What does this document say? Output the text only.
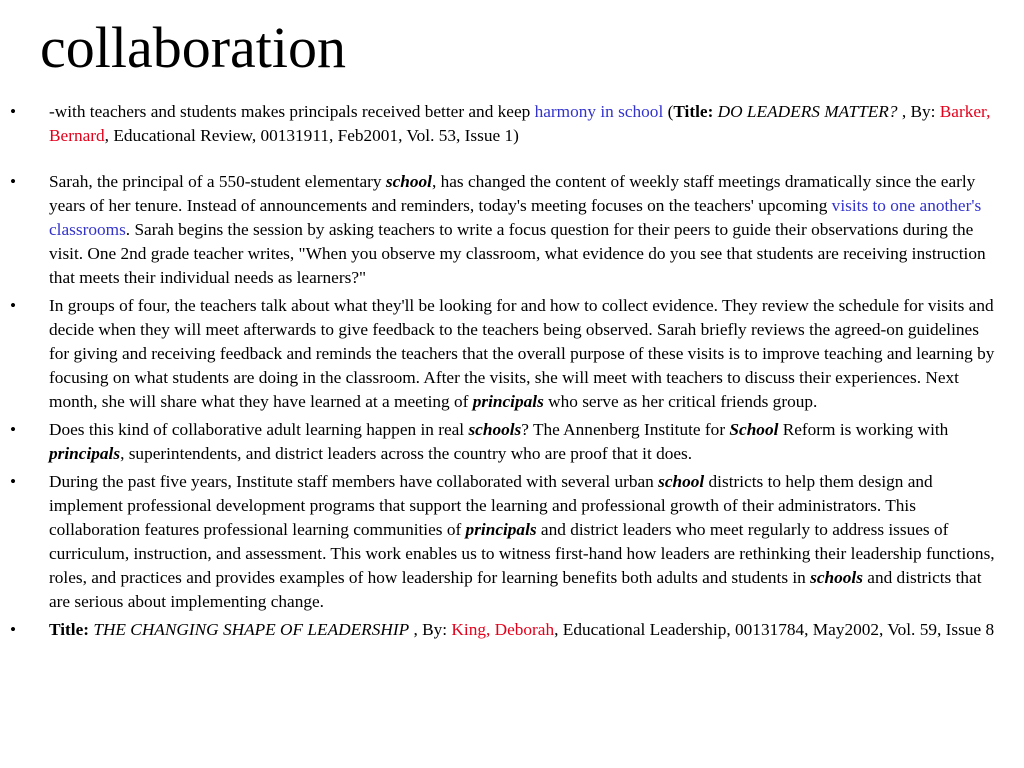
collaboration
• -with teachers and students makes principals received better and keep harmony in school (Title: DO LEADERS MATTER? , By: Barker, Bernard, Educational Review, 00131911, Feb2001, Vol. 53, Issue 1)
• Sarah, the principal of a 550-student elementary school, has changed the content of weekly staff meetings dramatically since the early years of her tenure. Instead of announcements and reminders, today's meeting focuses on the teachers' upcoming visits to one another's classrooms. Sarah begins the session by asking teachers to write a focus question for their peers to guide their observations during the visit. One 2nd grade teacher writes, "When you observe my classroom, what evidence do you see that students are receiving instruction that meets their individual needs as learners?"
• In groups of four, the teachers talk about what they'll be looking for and how to collect evidence. They review the schedule for visits and decide when they will meet afterwards to give feedback to the teachers being observed. Sarah briefly reviews the agreed-on guidelines for giving and receiving feedback and reminds the teachers that the overall purpose of these visits is to improve teaching and learning by focusing on what students are doing in the classroom. After the visits, she will meet with teachers to discuss their experiences. Next month, she will share what they have learned at a meeting of principals who serve as her critical friends group.
• Does this kind of collaborative adult learning happen in real schools? The Annenberg Institute for School Reform is working with principals, superintendents, and district leaders across the country who are proof that it does.
• During the past five years, Institute staff members have collaborated with several urban school districts to help them design and implement professional development programs that support the learning and professional growth of their administrators. This collaboration features professional learning communities of principals and district leaders who meet regularly to address issues of curriculum, instruction, and assessment. This work enables us to witness first-hand how leaders are rethinking their leadership functions, roles, and practices and provides examples of how leadership for learning benefits both adults and students in schools and districts that are serious about implementing change.
• Title: THE CHANGING SHAPE OF LEADERSHIP , By: King, Deborah, Educational Leadership, 00131784, May2002, Vol. 59, Issue 8
